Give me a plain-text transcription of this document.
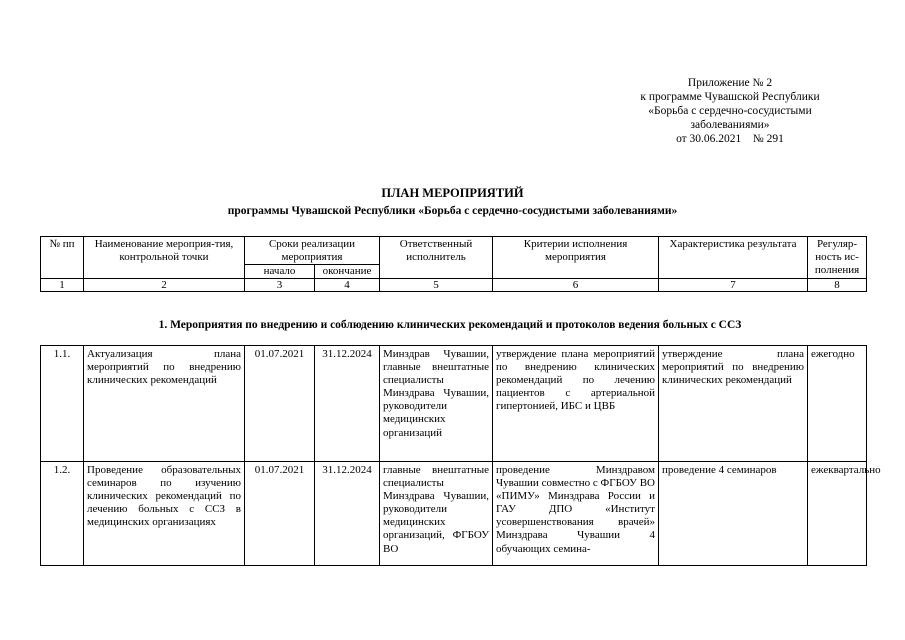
Приложение № 2
к программе Чувашской Республики
«Борьба с сердечно-сосудистыми
заболеваниями»
от 30.06.2021    № 291
ПЛАН МЕРОПРИЯТИЙ
программы Чувашской Республики «Борьба с сердечно-сосудистыми заболеваниями»
№ пп	Наименование мероприя-тия, контрольной точки	Сроки реализации мероприятия		Ответственный исполнитель	Критерии исполнения мероприятия	Характеристика результата	Регуляр-ность ис-полнения
		начало	окончание				
1	2	3	4	5	6	7	8
1. Мероприятия по внедрению и соблюдению клинических рекомендаций и протоколов ведения больных с ССЗ
1.1.	Актуализация плана мероприятий по внедрению клинических рекомендаций	01.07.2021	31.12.2024	Минздрав Чувашии, главные внештатные специалисты Минздрава Чувашии, руководители медицинских организаций	утверждение плана мероприятий по внедрению клинических рекомендаций по лечению пациентов с артериальной гипертонией, ИБС и ЦВБ	утверждение плана мероприятий по внедрению клинических рекомендаций	ежегодно
1.2.	Проведение образовательных семинаров по изучению клинических рекомендаций по лечению больных с ССЗ в медицинских организациях	01.07.2021	31.12.2024	главные внештатные специалисты Минздрава Чувашии, руководители медицинских организаций, ФГБОУ ВО	проведение Минздравом Чувашии совместно с ФГБОУ ВО «ПИМУ» Минздрава России и ГАУ ДПО «Институт усовершенствования врачей» Минздрава Чувашии 4 обучающих семина-	проведение 4 семинаров	ежеквартально
